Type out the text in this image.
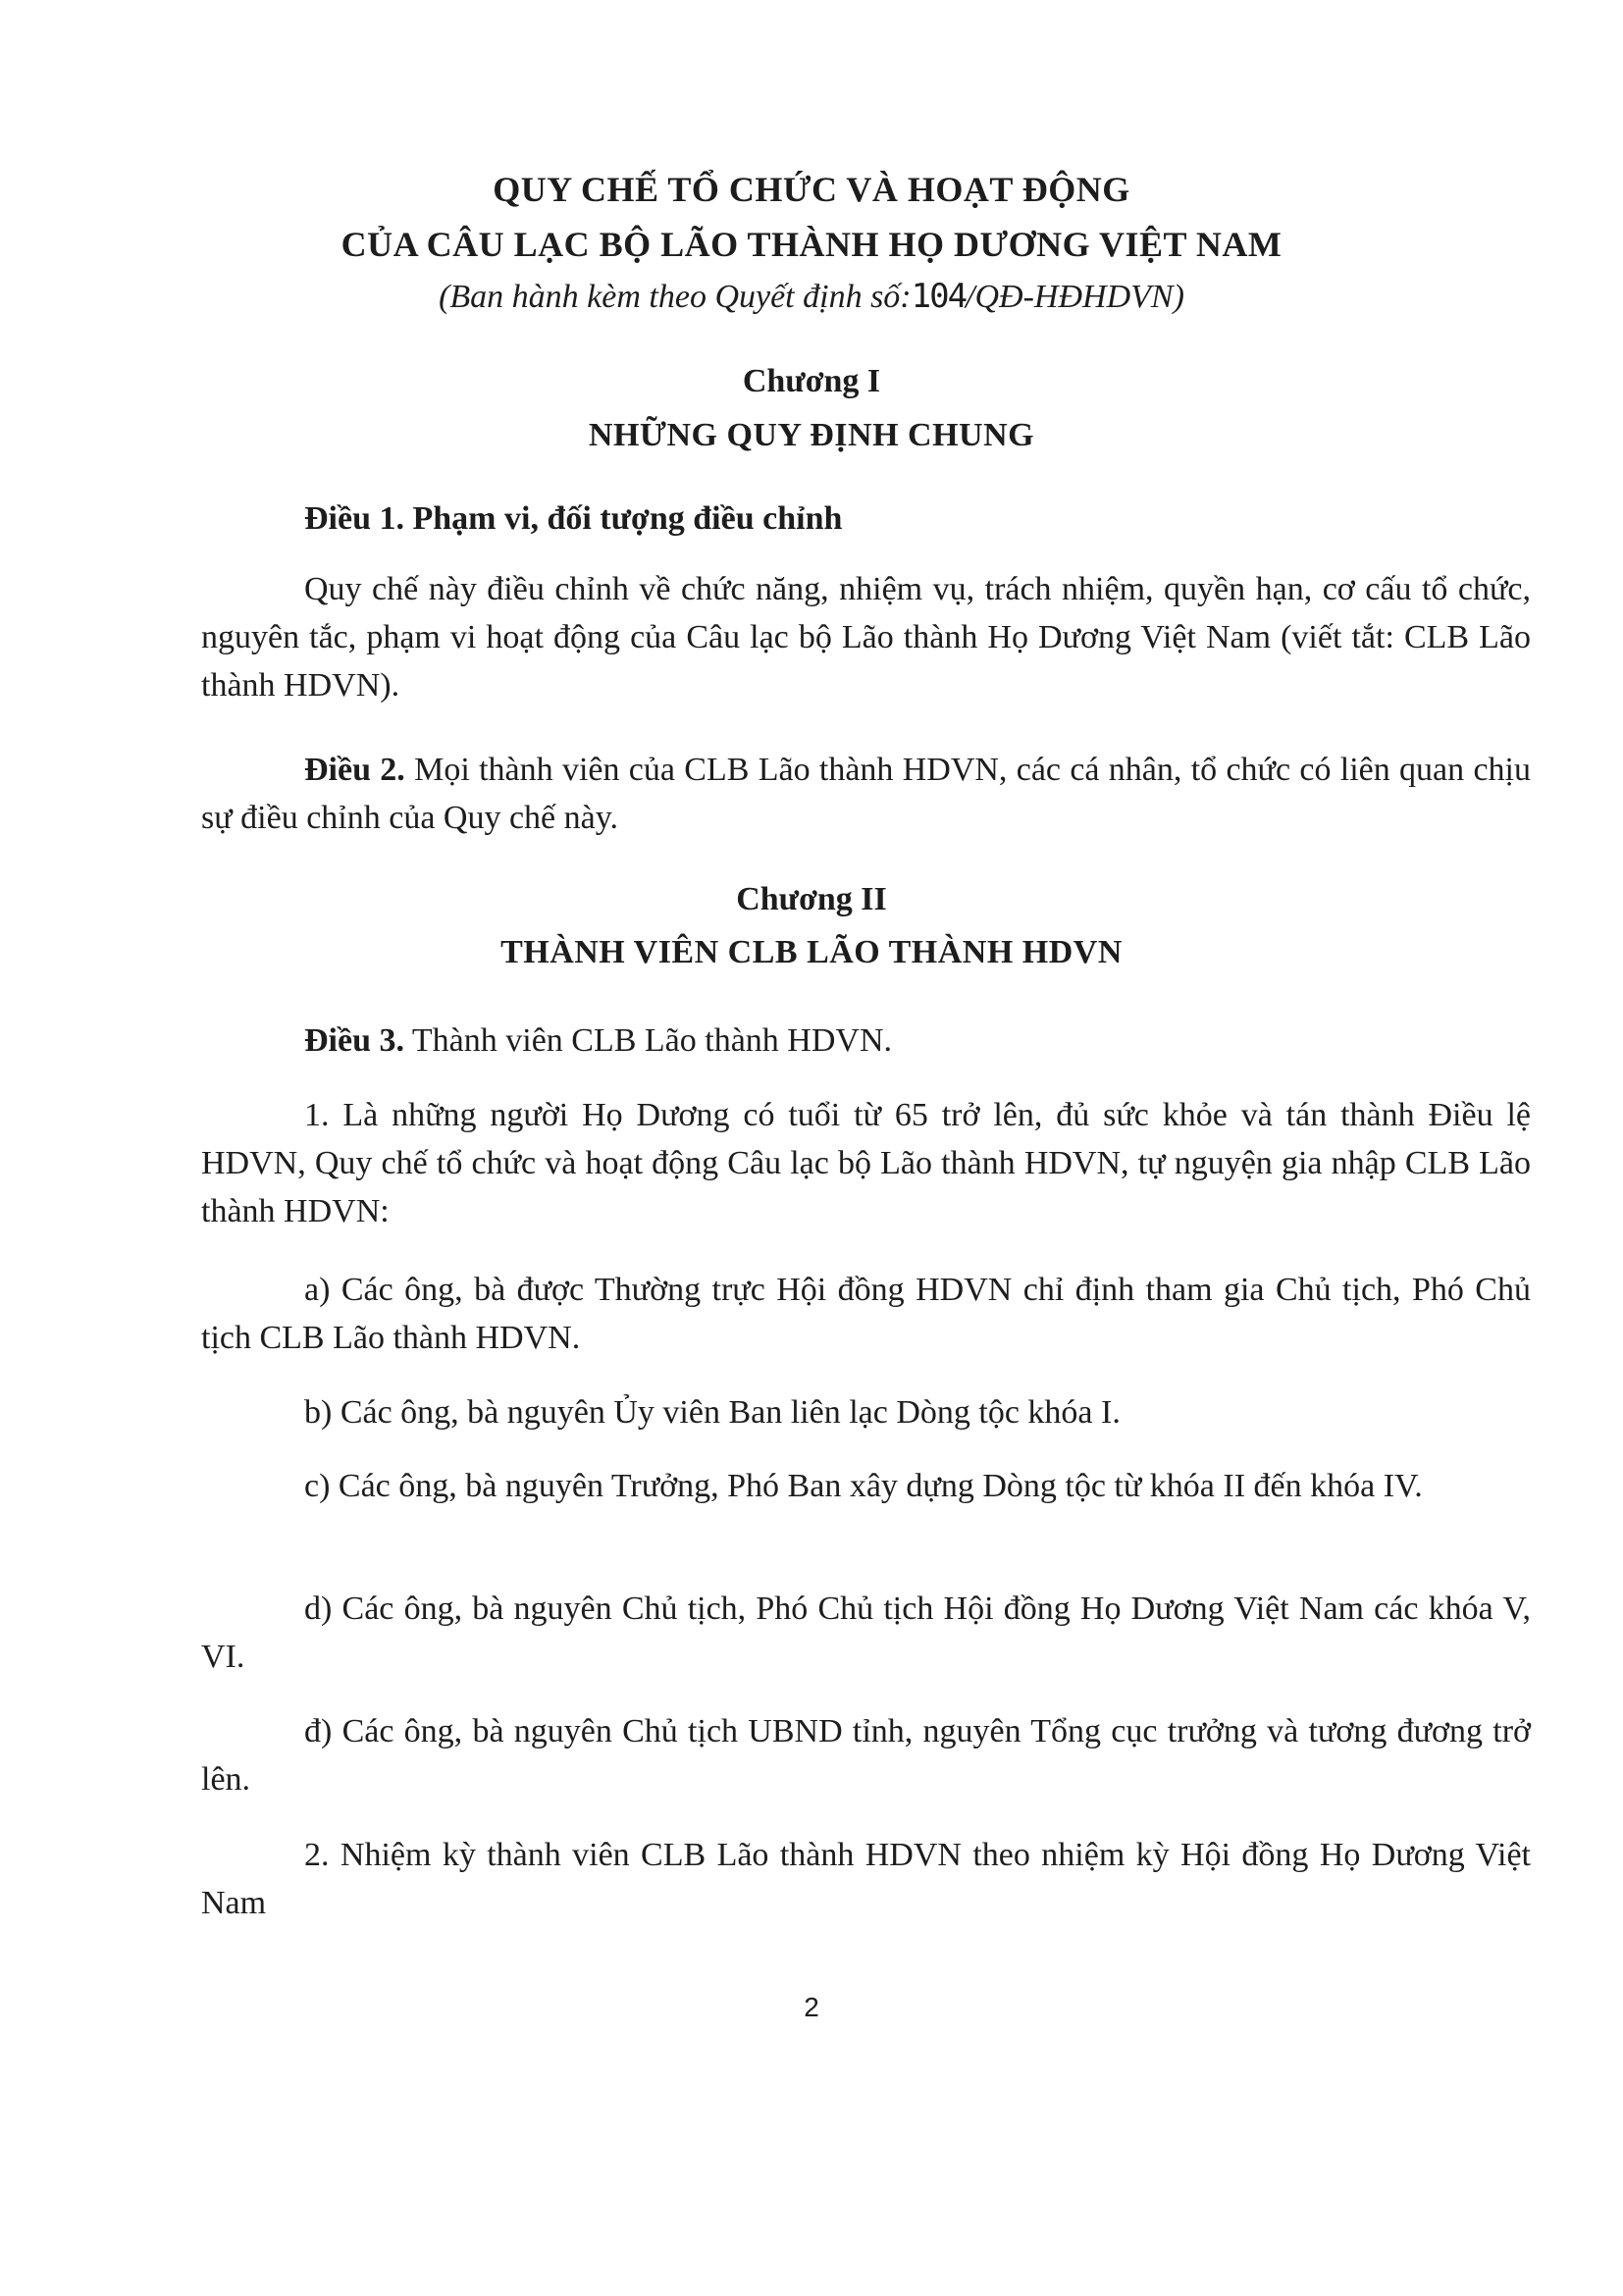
QUY CHẾ TỔ CHỨC VÀ HOẠT ĐỘNG
CỦA CÂU LẠC BỘ LÃO THÀNH HỌ DƯƠNG VIỆT NAM
(Ban hành kèm theo Quyết định số:104/QĐ-HĐHDVN)
Chương I
NHỮNG QUY ĐỊNH CHUNG
Điều 1. Phạm vi, đối tượng điều chỉnh
Quy chế này điều chỉnh về chức năng, nhiệm vụ, trách nhiệm, quyền hạn, cơ cấu tổ chức, nguyên tắc, phạm vi hoạt động của Câu lạc bộ Lão thành Họ Dương Việt Nam (viết tắt: CLB Lão thành HDVN).
Điều 2. Mọi thành viên của CLB Lão thành HDVN, các cá nhân, tổ chức có liên quan chịu sự điều chỉnh của Quy chế này.
Chương II
THÀNH VIÊN CLB LÃO THÀNH HDVN
Điều 3. Thành viên CLB Lão thành HDVN.
1. Là những người Họ Dương có tuổi từ 65 trở lên, đủ sức khỏe và tán thành Điều lệ HDVN, Quy chế tổ chức và hoạt động Câu lạc bộ Lão thành HDVN, tự nguyện gia nhập CLB Lão thành HDVN:
a) Các ông, bà được Thường trực Hội đồng HDVN chỉ định tham gia Chủ tịch, Phó Chủ tịch CLB Lão thành HDVN.
b) Các ông, bà nguyên Ủy viên Ban liên lạc Dòng tộc khóa I.
c) Các ông, bà nguyên Trưởng, Phó Ban xây dựng Dòng tộc từ khóa II đến khóa IV.
d) Các ông, bà nguyên Chủ tịch, Phó Chủ tịch Hội đồng Họ Dương Việt Nam các khóa V, VI.
đ) Các ông, bà nguyên Chủ tịch UBND tỉnh, nguyên Tổng cục trưởng và tương đương trở lên.
2. Nhiệm kỳ thành viên CLB Lão thành HDVN theo nhiệm kỳ Hội đồng Họ Dương Việt Nam
2
